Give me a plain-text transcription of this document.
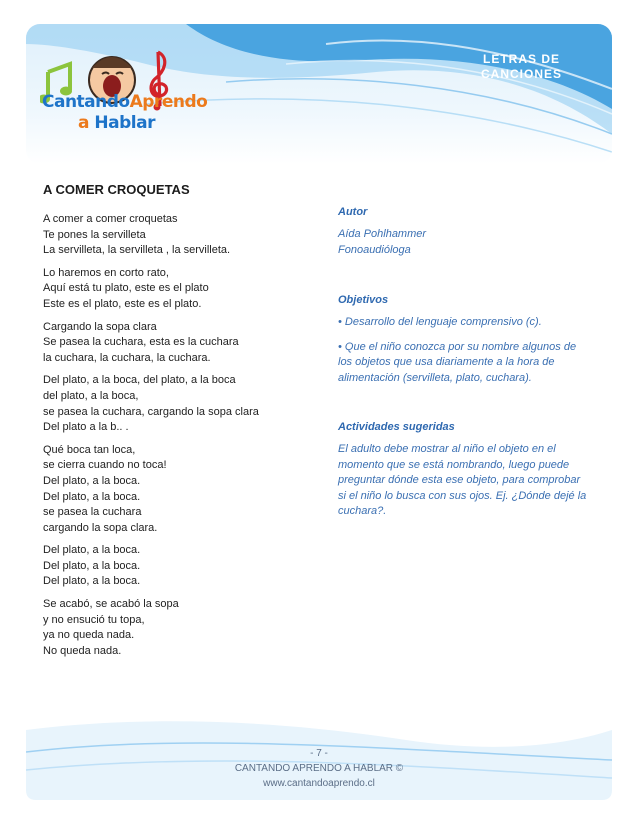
LETRAS DE
CANCIONES
CantandoAprendo
a Hablar
A COMER CROQUETAS
A comer a comer croquetas
Te pones la servilleta
La servilleta, la servilleta , la servilleta.
Lo haremos en corto rato,
Aquí está tu plato, este es el plato
Este es el plato, este es el plato.
Cargando la sopa clara
Se pasea la cuchara, esta es la cuchara
la cuchara, la cuchara, la cuchara.
Del plato, a la boca, del plato, a la boca
del plato, a la boca,
se pasea la cuchara, cargando la sopa clara
Del plato a la b.. .
Qué boca tan loca,
se cierra cuando no toca!
Del plato, a la boca.
Del plato, a la boca.
se pasea la cuchara
cargando la sopa clara.
Del plato, a la boca.
Del plato, a la boca.
Del plato, a la boca.
Se acabó, se acabó la sopa
y no ensució tu topa,
ya no queda nada.
No queda nada.
Autor
Aída Pohlhammer
Fonoaudióloga
Objetivos
• Desarrollo del lenguaje comprensivo (c).
• Que el niño conozca por su nombre algunos de
los objetos que usa diariamente a la hora de
alimentación (servilleta, plato, cuchara).
Actividades sugeridas
El adulto debe mostrar al niño el objeto en el
momento que se está nombrando, luego puede
preguntar dónde esta ese objeto, para comprobar
si el niño lo busca con sus ojos. Ej. ¿Dónde dejé la
cuchara?.
- 7 -
CANTANDO APRENDO A HABLAR ©
www.cantandoaprendo.cl
